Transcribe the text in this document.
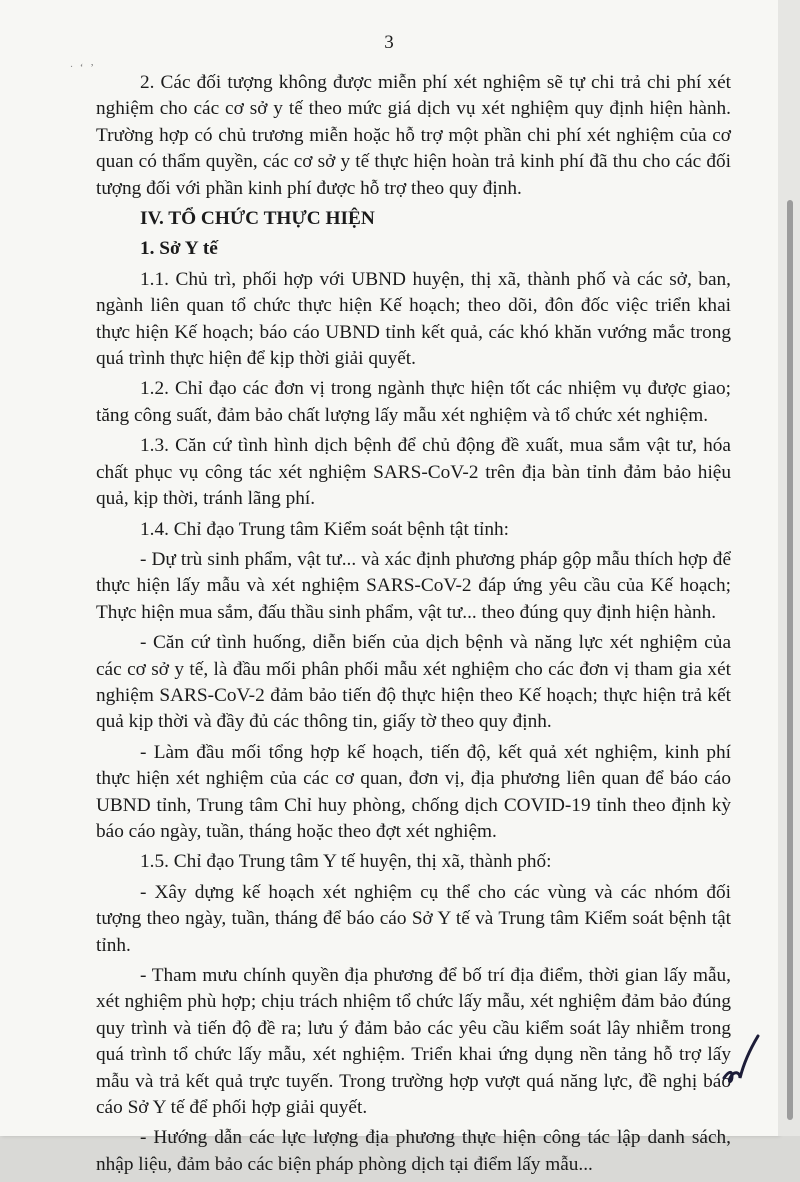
3
ˑ ʻ ʼ

2. Các đối tượng không được miễn phí xét nghiệm sẽ tự chi trả chi phí xét nghiệm cho các cơ sở y tế theo mức giá dịch vụ xét nghiệm quy định hiện hành. Trường hợp có chủ trương miễn hoặc hỗ trợ một phần chi phí xét nghiệm của cơ quan có thẩm quyền, các cơ sở y tế thực hiện hoàn trả kinh phí đã thu cho các đối tượng đối với phần kinh phí được hỗ trợ theo quy định.

IV. TỔ CHỨC THỰC HIỆN
1. Sở Y tế

1.1. Chủ trì, phối hợp với UBND huyện, thị xã, thành phố và các sở, ban, ngành liên quan tổ chức thực hiện Kế hoạch; theo dõi, đôn đốc việc triển khai thực hiện Kế hoạch; báo cáo UBND tỉnh kết quả, các khó khăn vướng mắc trong quá trình thực hiện để kịp thời giải quyết.

1.2. Chỉ đạo các đơn vị trong ngành thực hiện tốt các nhiệm vụ được giao; tăng công suất, đảm bảo chất lượng lấy mẫu xét nghiệm và tổ chức xét nghiệm.

1.3. Căn cứ tình hình dịch bệnh để chủ động đề xuất, mua sắm vật tư, hóa chất phục vụ công tác xét nghiệm SARS-CoV-2 trên địa bàn tỉnh đảm bảo hiệu quả, kịp thời, tránh lãng phí.

1.4. Chỉ đạo Trung tâm Kiểm soát bệnh tật tỉnh:

- Dự trù sinh phẩm, vật tư... và xác định phương pháp gộp mẫu thích hợp để thực hiện lấy mẫu và xét nghiệm SARS-CoV-2 đáp ứng yêu cầu của Kế hoạch; Thực hiện mua sắm, đấu thầu sinh phẩm, vật tư... theo đúng quy định hiện hành.

- Căn cứ tình huống, diễn biến của dịch bệnh và năng lực xét nghiệm của các cơ sở y tế, là đầu mối phân phối mẫu xét nghiệm cho các đơn vị tham gia xét nghiệm SARS-CoV-2 đảm bảo tiến độ thực hiện theo Kế hoạch; thực hiện trả kết quả kịp thời và đầy đủ các thông tin, giấy tờ theo quy định.

- Làm đầu mối tổng hợp kế hoạch, tiến độ, kết quả xét nghiệm, kinh phí thực hiện xét nghiệm của các cơ quan, đơn vị, địa phương liên quan để báo cáo UBND tỉnh, Trung tâm Chỉ huy phòng, chống dịch COVID-19 tỉnh theo định kỳ báo cáo ngày, tuần, tháng hoặc theo đợt xét nghiệm.

1.5. Chỉ đạo Trung tâm Y tế huyện, thị xã, thành phố:

- Xây dựng kế hoạch xét nghiệm cụ thể cho các vùng và các nhóm đối tượng theo ngày, tuần, tháng để báo cáo Sở Y tế và Trung tâm Kiểm soát bệnh tật tỉnh.

- Tham mưu chính quyền địa phương để bố trí địa điểm, thời gian lấy mẫu, xét nghiệm phù hợp; chịu trách nhiệm tổ chức lấy mẫu, xét nghiệm đảm bảo đúng quy trình và tiến độ đề ra; lưu ý đảm bảo các yêu cầu kiểm soát lây nhiễm trong quá trình tổ chức lấy mẫu, xét nghiệm. Triển khai ứng dụng nền tảng hỗ trợ lấy mẫu và trả kết quả trực tuyến. Trong trường hợp vượt quá năng lực, đề nghị báo cáo Sở Y tế để phối hợp giải quyết.

- Hướng dẫn các lực lượng địa phương thực hiện công tác lập danh sách, nhập liệu, đảm bảo các biện pháp phòng dịch tại điểm lấy mẫu...
